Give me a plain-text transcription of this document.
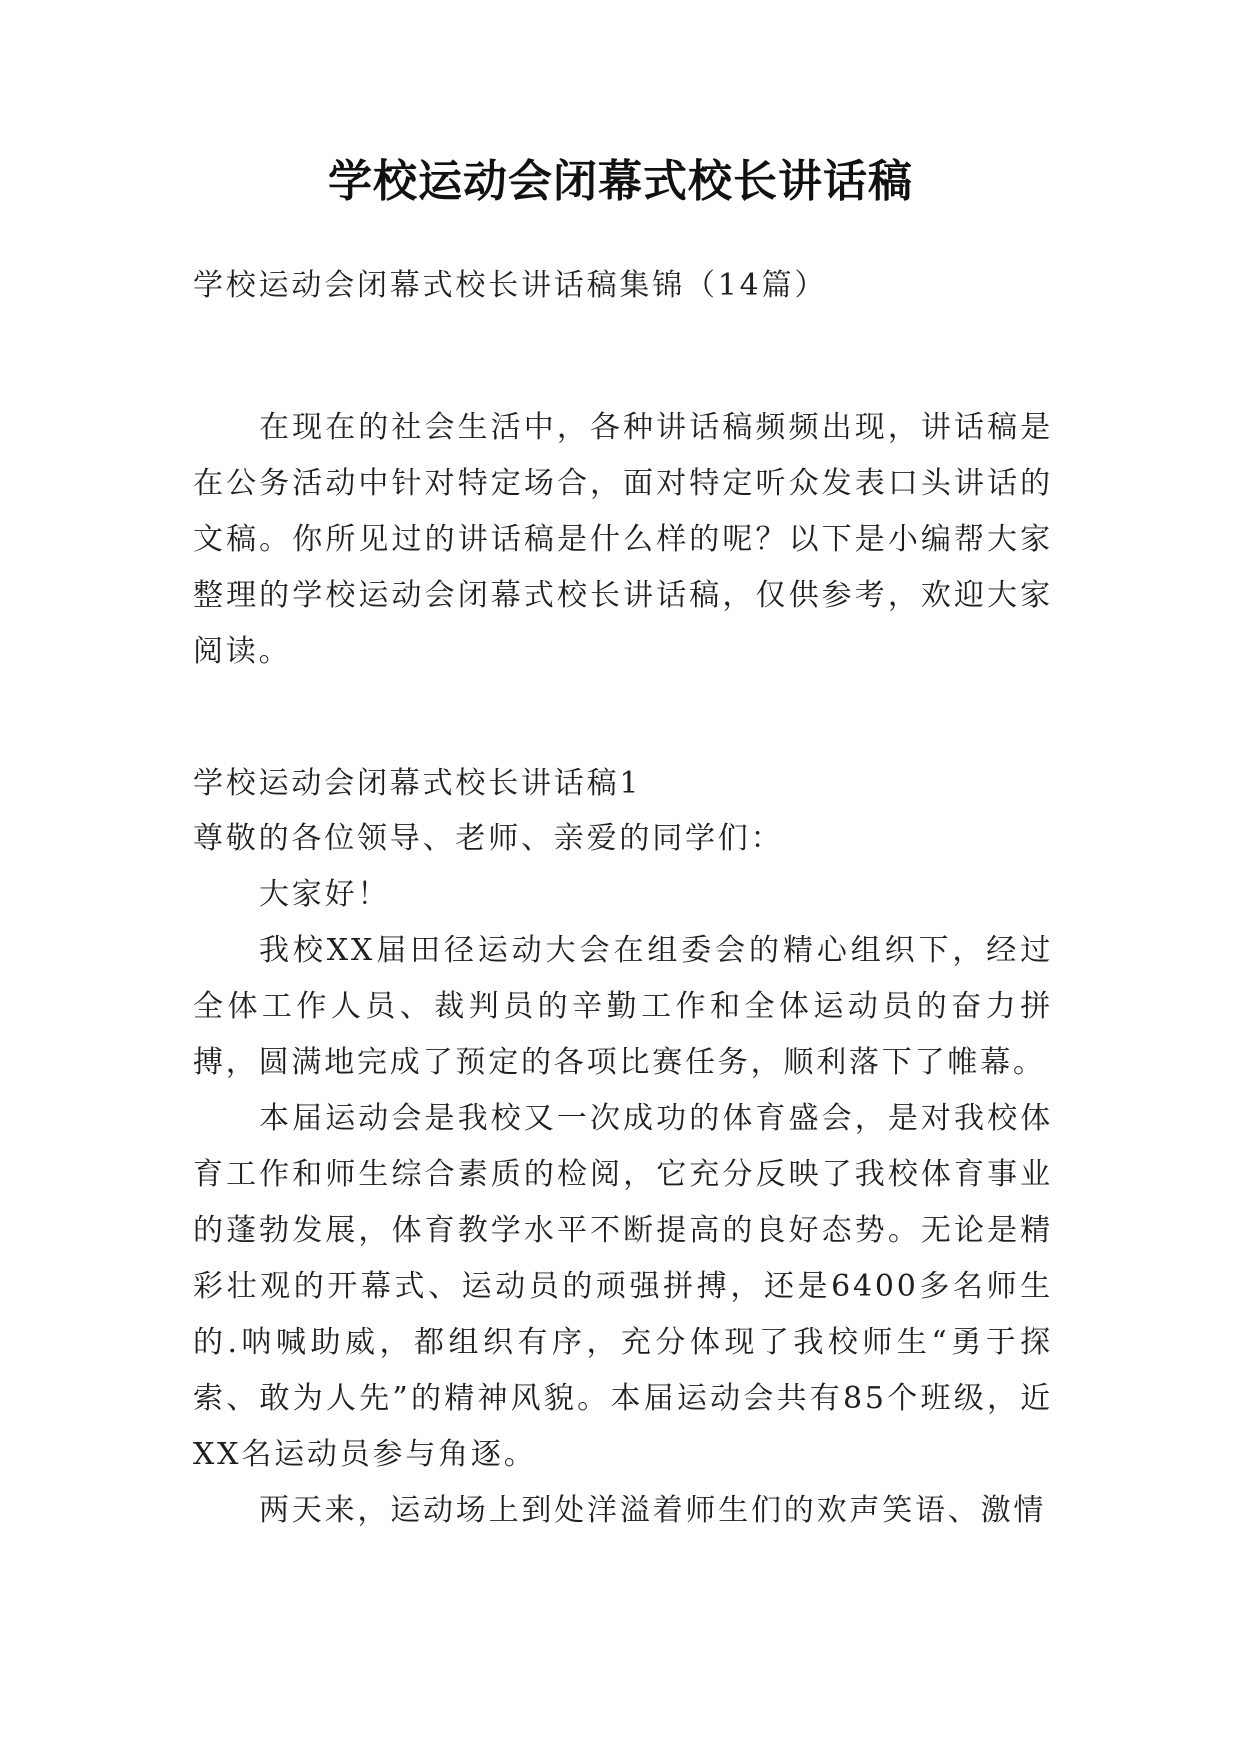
学校运动会闭幕式校长讲话稿
学校运动会闭幕式校长讲话稿集锦（14篇）
在现在的社会生活中，各种讲话稿频频出现，讲话稿是在公务活动中针对特定场合，面对特定听众发表口头讲话的文稿。你所见过的讲话稿是什么样的呢？以下是小编帮大家整理的学校运动会闭幕式校长讲话稿，仅供参考，欢迎大家阅读。
学校运动会闭幕式校长讲话稿1
尊敬的各位领导、老师、亲爱的同学们：

大家好！

我校XX届田径运动大会在组委会的精心组织下，经过全体工作人员、裁判员的辛勤工作和全体运动员的奋力拼搏，圆满地完成了预定的各项比赛任务，顺利落下了帷幕。

本届运动会是我校又一次成功的体育盛会，是对我校体育工作和师生综合素质的检阅，它充分反映了我校体育事业的蓬勃发展，体育教学水平不断提高的良好态势。无论是精彩壮观的开幕式、运动员的顽强拼搏，还是6400多名师生的.呐喊助威，都组织有序，充分体现了我校师生“勇于探索、敢为人先”的精神风貌。本届运动会共有85个班级，近XX名运动员参与角逐。

两天来，运动场上到处洋溢着师生们的欢声笑语、激情
